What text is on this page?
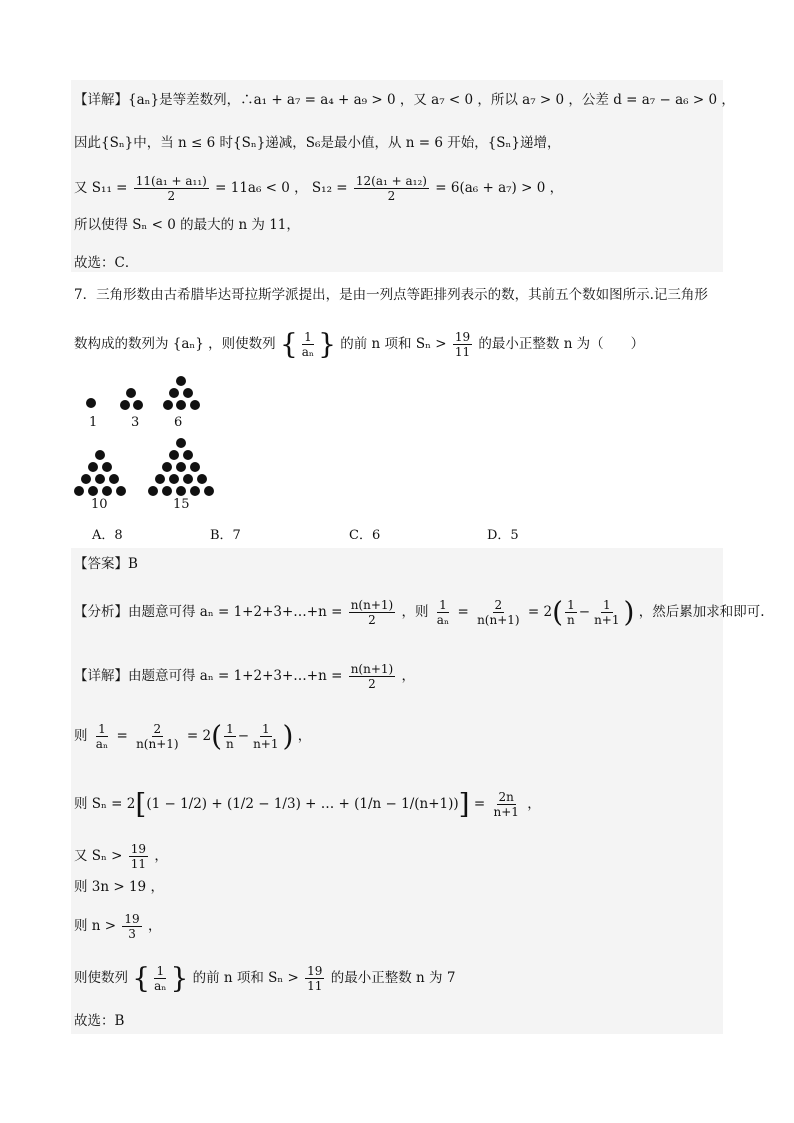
【详解】{aₙ}是等差数列，∴a₁ + a₇ = a₄ + a₉ > 0 ，又 a₇ < 0 ，所以 a₇ > 0 ，公差 d = a₇ − a₆ > 0 ，
因此{Sₙ}中，当 n ≤ 6 时{Sₙ}递减，S₆是最小值，从 n = 6 开始，{Sₙ}递增，
又 $S_{11} = \frac{\text{11(a₁ + a₁₁)}}{2} = 11a_6 < 0$ ， $S_{12} = \frac{\text{12(a₁ + a₁₂)}}{2} = 6(a_6 + a_7) > 0$ ，
所以使得 Sₙ < 0 的最大的 n 为 11，
故选：C．
7．三角形数由古希腊毕达哥拉斯学派提出，是由一列点等距排列表示的数，其前五个数如图所示.记三角形
数构成的数列为 {aₙ} ，则使数列 { $\frac{1}{\text{aₙ}}$ } 的前 n 项和 $S_n > \frac{19}{11}$ 的最小正整数 n 为（　　）
1	3	6
10	15
A．8	B．7	C．6	D．5
【答案】B
【分析】由题意可得 aₙ = 1+2+3+…+n = $\frac{n(n+1)}{2}$ ，则 $\frac{1}{\text{aₙ}} = \frac{2}{n(n+1)} = 2( \frac{1}{n} - \frac{1}{n+1}$ ) ，然后累加求和即可.
【详解】由题意可得 aₙ = 1+2+3+…+n = $\frac{n(n+1)}{2}$ ，
则 $\frac{1}{\text{aₙ}} = \frac{2}{n(n+1)} = 2( \frac{1}{n} - \frac{1}{n+1}$ ) ，
则 Sₙ = 2[(1 − 1/2) + (1/2 − 1/3) + … + $(1/n - 1/(n+1))] = \frac{2n}{n+1}$ ，
又 $S_n > \frac{19}{11}$ ，
则 3n > 19 ，
则 $n > \frac{19}{3}$ ，
则使数列 { $\frac{1}{\text{aₙ}}$ } 的前 n 项和 $S_n > \frac{19}{11}$ 的最小正整数 n 为 7
故选：B
